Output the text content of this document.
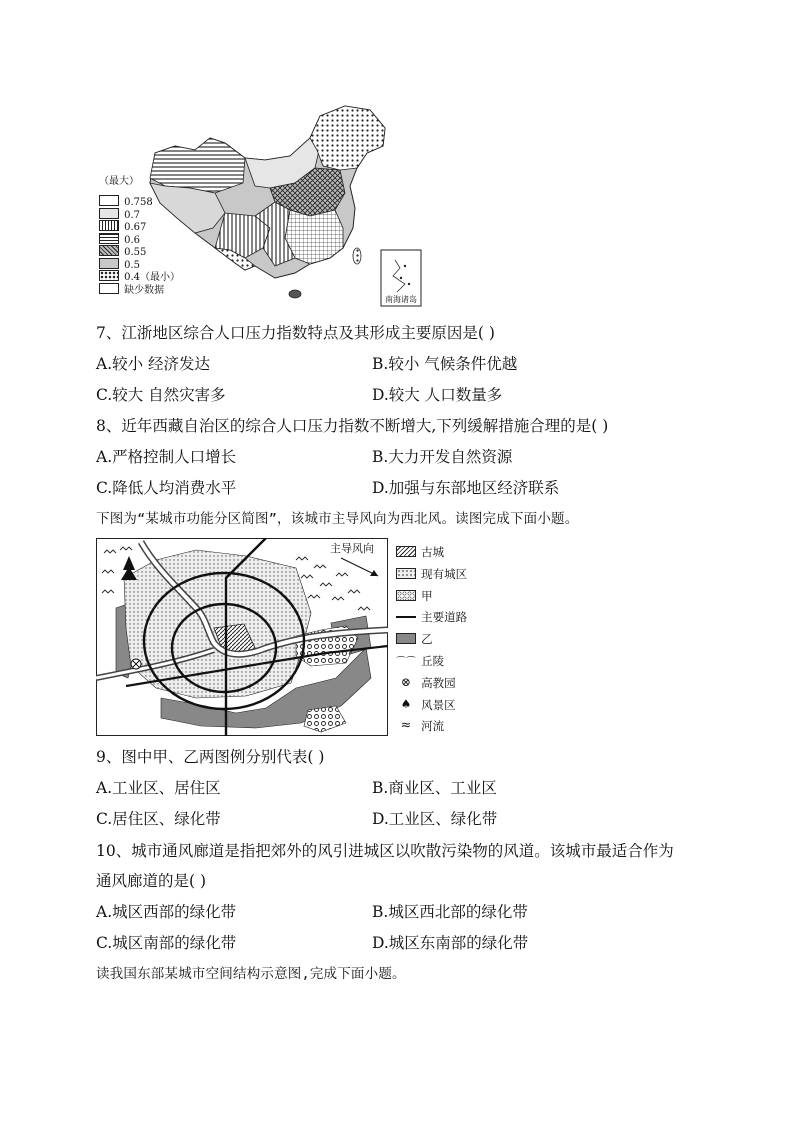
南海诸岛
（最大）
0.758
0.7
0.67
0.6
0.55
0.5
0.4（最小）
缺少数据
7、江浙地区综合人口压力指数特点及其形成主要原因是( )
A.较小 经济发达	B.较小 气候条件优越
C.较大 自然灾害多	D.较大 人口数量多
8、近年西藏自治区的综合人口压力指数不断增大,下列缓解措施合理的是( )
A.严格控制人口增长	B.大力开发自然资源
C.降低人均消费水平	D.加强与东部地区经济联系
下图为“某城市功能分区简图”，该城市主导风向为西北风。读图完成下面小题。
主导风向	古城
现有城区
甲
主要道路
乙
⌒⌒ 丘陵
⊗ 高教园
♠ 风景区
≈ 河流
9、图中甲、乙两图例分别代表( )
A.工业区、居住区	B.商业区、工业区
C.居住区、绿化带	D.工业区、绿化带
10、城市通风廊道是指把郊外的风引进城区以吹散污染物的风道。该城市最适合作为
通风廊道的是( )
A.城区西部的绿化带	B.城区西北部的绿化带
C.城区南部的绿化带	D.城区东南部的绿化带
读我国东部某城市空间结构示意图,完成下面小题。
